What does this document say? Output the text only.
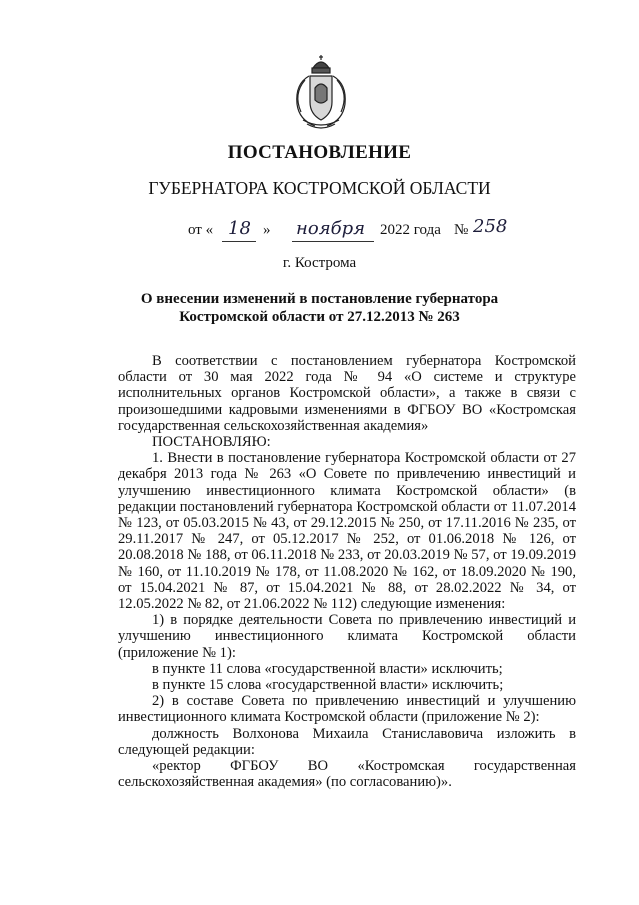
ПОСТАНОВЛЕНИЕ
ГУБЕРНАТОРА КОСТРОМСКОЙ ОБЛАСТИ
от « 18 » ноября 2022 года № 258
г. Кострома
О внесении изменений в постановление губернатора
Костромской области от 27.12.2013 № 263

В соответствии с постановлением губернатора Костромской области от 30 мая 2022 года № 94 «О системе и структуре исполнительных органов Костромской области», а также в связи с произошедшими кадровыми изменениями в ФГБОУ ВО «Костромская государственная сельскохозяйственная академия»

ПОСТАНОВЛЯЮ:

1. Внести в постановление губернатора Костромской области от 27 декабря 2013 года № 263 «О Совете по привлечению инвестиций и улучшению инвестиционного климата Костромской области» (в редакции постановлений губернатора Костромской области от 11.07.2014 № 123, от 05.03.2015 № 43, от 29.12.2015 № 250, от 17.11.2016 № 235, от 29.11.2017 № 247, от 05.12.2017 № 252, от 01.06.2018 № 126, от 20.08.2018 № 188, от 06.11.2018 № 233, от 20.03.2019 № 57, от 19.09.2019 № 160, от 11.10.2019 № 178, от 11.08.2020 № 162, от 18.09.2020 № 190, от 15.04.2021 № 87, от 15.04.2021 № 88, от 28.02.2022 № 34, от 12.05.2022 № 82, от 21.06.2022 № 112) следующие изменения:

1) в порядке деятельности Совета по привлечению инвестиций и улучшению инвестиционного климата Костромской области (приложение № 1):

в пункте 11 слова «государственной власти» исключить;

в пункте 15 слова «государственной власти» исключить;

2) в составе Совета по привлечению инвестиций и улучшению инвестиционного климата Костромской области (приложение № 2):

должность Волхонова Михаила Станиславовича изложить в следующей редакции:

«ректор ФГБОУ ВО «Костромская государственная сельскохозяйственная академия» (по согласованию)».
